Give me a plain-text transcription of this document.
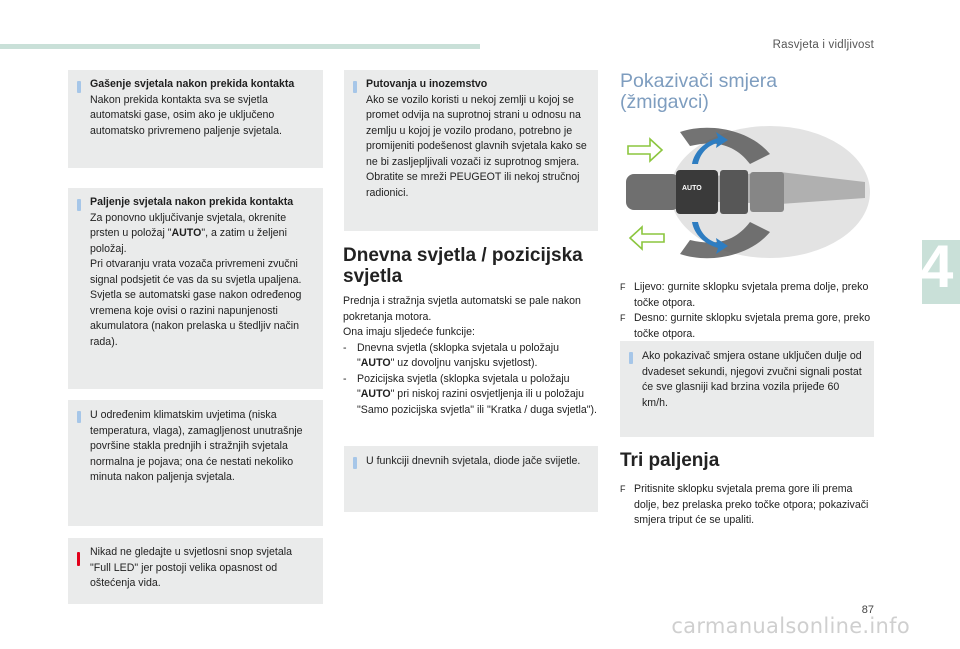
Rasvjeta i vidljivost
4
Gašenje svjetala nakon prekida kontakta

Nakon prekida kontakta sva se svjetla automatski gase, osim ako je uključeno automatsko privremeno paljenje svjetala.

Paljenje svjetala nakon prekida kontakta

Za ponovno uključivanje svjetala, okrenite prsten u položaj "AUTO", a zatim u željeni položaj.

Pri otvaranju vrata vozača privremeni zvučni signal podsjetit će vas da su svjetla upaljena.

Svjetla se automatski gase nakon određenog vremena koje ovisi o razini napunjenosti akumulatora (nakon prelaska u štedljiv način rada).

U određenim klimatskim uvjetima (niska temperatura, vlaga), zamagljenost unutrašnje površine stakla prednjih i stražnjih svjetala normalna je pojava; ona će nestati nekoliko minuta nakon paljenja svjetala.

Nikad ne gledajte u svjetlosni snop svjetala "Full LED" jer postoji velika opasnost od oštećenja vida.

Putovanja u inozemstvo

Ako se vozilo koristi u nekoj zemlji u kojoj se promet odvija na suprotnoj strani u odnosu na zemlju u kojoj je vozilo prodano, potrebno je promijeniti podešenost glavnih svjetala kako se ne bi zasljepljivali vozači iz suprotnog smjera. Obratite se mreži PEUGEOT ili nekoj stručnoj radionici.

Dnevna svjetla / pozicijska svjetla

Prednja i stražnja svjetla automatski se pale nakon pokretanja motora.

Ona imaju sljedeće funkcije:

- Dnevna svjetla (sklopka svjetala u položaju "AUTO" uz dovoljnu vanjsku svjetlost).
- Pozicijska svjetla (sklopka svjetala u položaju "AUTO" pri niskoj razini osvjetljenja ili u položaju "Samo pozicijska svjetla" ili "Kratka / duga svjetla").

U funkciji dnevnih svjetala, diode jače svijetle.

Pokazivači smjera (žmigavci)
AUTO
F Lijevo: gurnite sklopku svjetala prema dolje, preko točke otpora.
F Desno: gurnite sklopku svjetala prema gore, preko točke otpora.

Ako pokazivač smjera ostane uključen dulje od dvadeset sekundi, njegovi zvučni signali postat će sve glasniji kad brzina vozila prijeđe 60 km/h.

Tri paljenja
F Pritisnite sklopku svjetala prema gore ili prema dolje, bez prelaska preko točke otpora; pokazivači smjera triput će se upaliti.
87
carmanualsonline.info
